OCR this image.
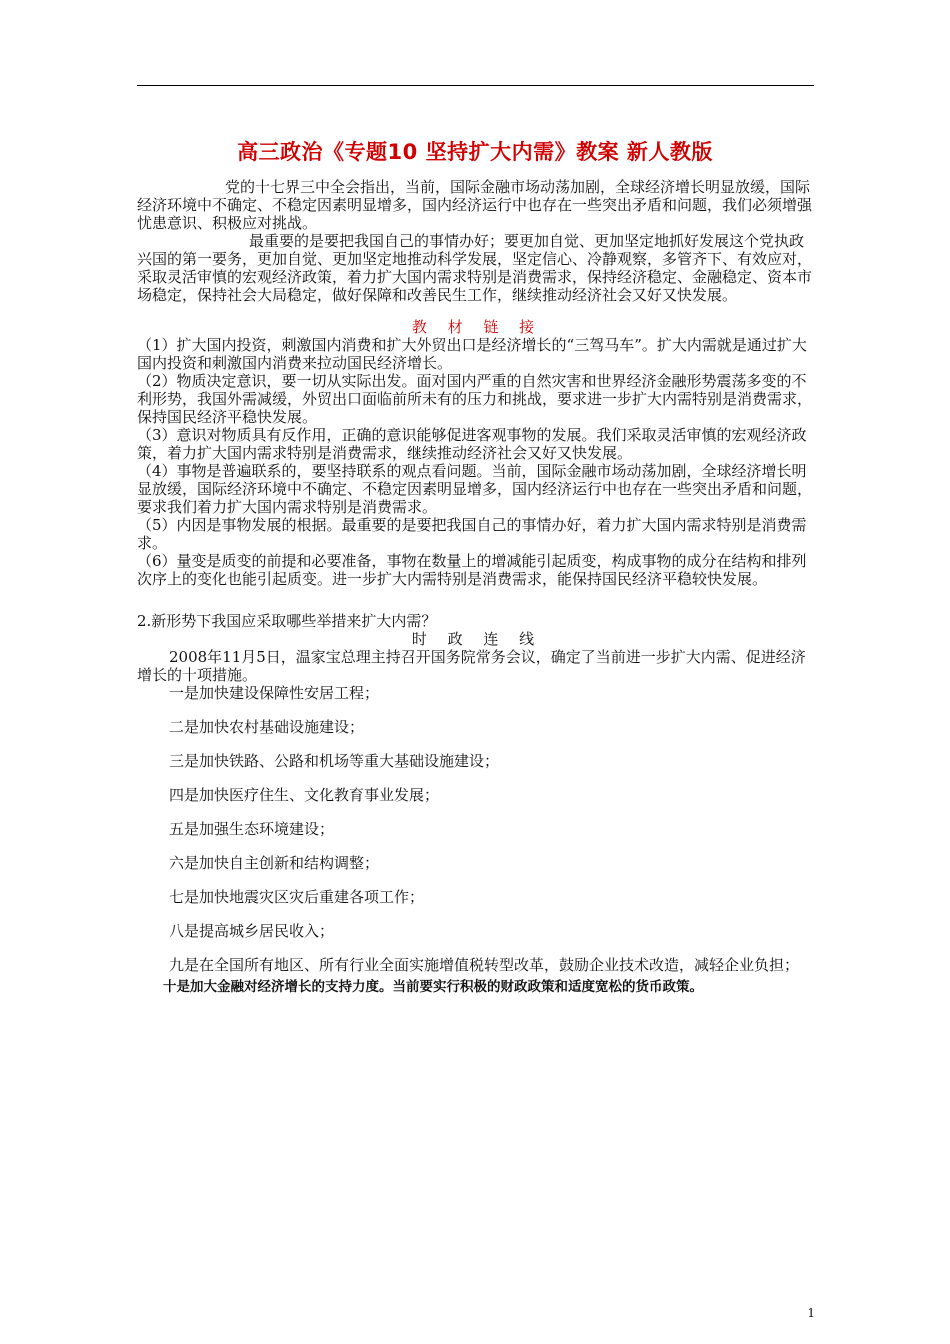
高三政治《专题10 坚持扩大内需》教案 新人教版

党的十七界三中全会指出，当前，国际金融市场动荡加剧，全球经济增长明显放缓，国际经济环境中不确定、不稳定因素明显增多，国内经济运行中也存在一些突出矛盾和问题，我们必须增强忧患意识、积极应对挑战。

最重要的是要把我国自己的事情办好；要更加自觉、更加坚定地抓好发展这个党执政兴国的第一要务，更加自觉、更加坚定地推动科学发展，坚定信心、冷静观察，多管齐下、有效应对，采取灵活审慎的宏观经济政策，着力扩大国内需求特别是消费需求，保持经济稳定、金融稳定、资本市场稳定，保持社会大局稳定，做好保障和改善民生工作，继续推动经济社会又好又快发展。

教 材 链 接

（1）扩大国内投资，刺激国内消费和扩大外贸出口是经济增长的“三驾马车”。扩大内需就是通过扩大国内投资和刺激国内消费来拉动国民经济增长。

（2）物质决定意识，要一切从实际出发。面对国内严重的自然灾害和世界经济金融形势震荡多变的不利形势，我国外需减缓，外贸出口面临前所未有的压力和挑战，要求进一步扩大内需特别是消费需求，保持国民经济平稳快发展。

（3）意识对物质具有反作用，正确的意识能够促进客观事物的发展。我们采取灵活审慎的宏观经济政策，着力扩大国内需求特别是消费需求，继续推动经济社会又好又快发展。

（4）事物是普遍联系的，要坚持联系的观点看问题。当前，国际金融市场动荡加剧，全球经济增长明显放缓，国际经济环境中不确定、不稳定因素明显增多，国内经济运行中也存在一些突出矛盾和问题，要求我们着力扩大国内需求特别是消费需求。

（5）内因是事物发展的根据。最重要的是要把我国自己的事情办好，着力扩大国内需求特别是消费需求。

（6）量变是质变的前提和必要准备，事物在数量上的增减能引起质变，构成事物的成分在结构和排列次序上的变化也能引起质变。进一步扩大内需特别是消费需求，能保持国民经济平稳较快发展。

2.新形势下我国应采取哪些举措来扩大内需？

时 政 连 线

2008年11月5日，温家宝总理主持召开国务院常务会议，确定了当前进一步扩大内需、促进经济增长的十项措施。

一是加快建设保障性安居工程；

二是加快农村基础设施建设；

三是加快铁路、公路和机场等重大基础设施建设；

四是加快医疗住生、文化教育事业发展；

五是加强生态环境建设；

六是加快自主创新和结构调整；

七是加快地震灾区灾后重建各项工作；

八是提高城乡居民收入；

九是在全国所有地区、所有行业全面实施增值税转型改革，鼓励企业技术改造，减轻企业负担；

十是加大金融对经济增长的支持力度。当前要实行积极的财政政策和适度宽松的货币政策。

1
